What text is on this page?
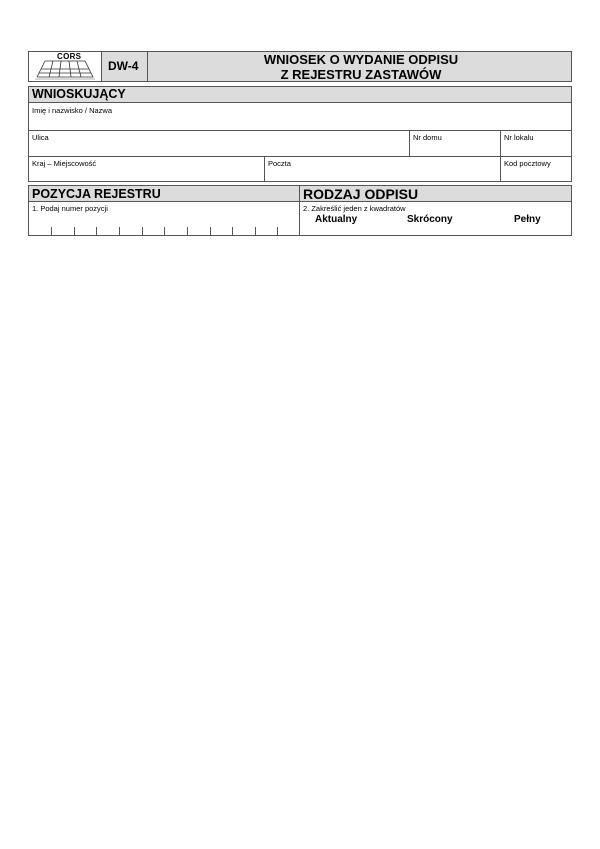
CORS
DW-4	WNIOSEK O WYDANIE ODPISU
Z REJESTRU ZASTAWÓW
WNIOSKUJĄCY
Imię i nazwisko / Nazwa
Ulica	Nr domu	Nr lokalu
Kraj – Miejscowość	Poczta	Kod pocztowy
POZYCJA REJESTRU	RODZAJ ODPISU
1. Podaj numer pozycji	2. Zakreślić jeden z kwadratów
Aktualny	Skrócony	Pełny
